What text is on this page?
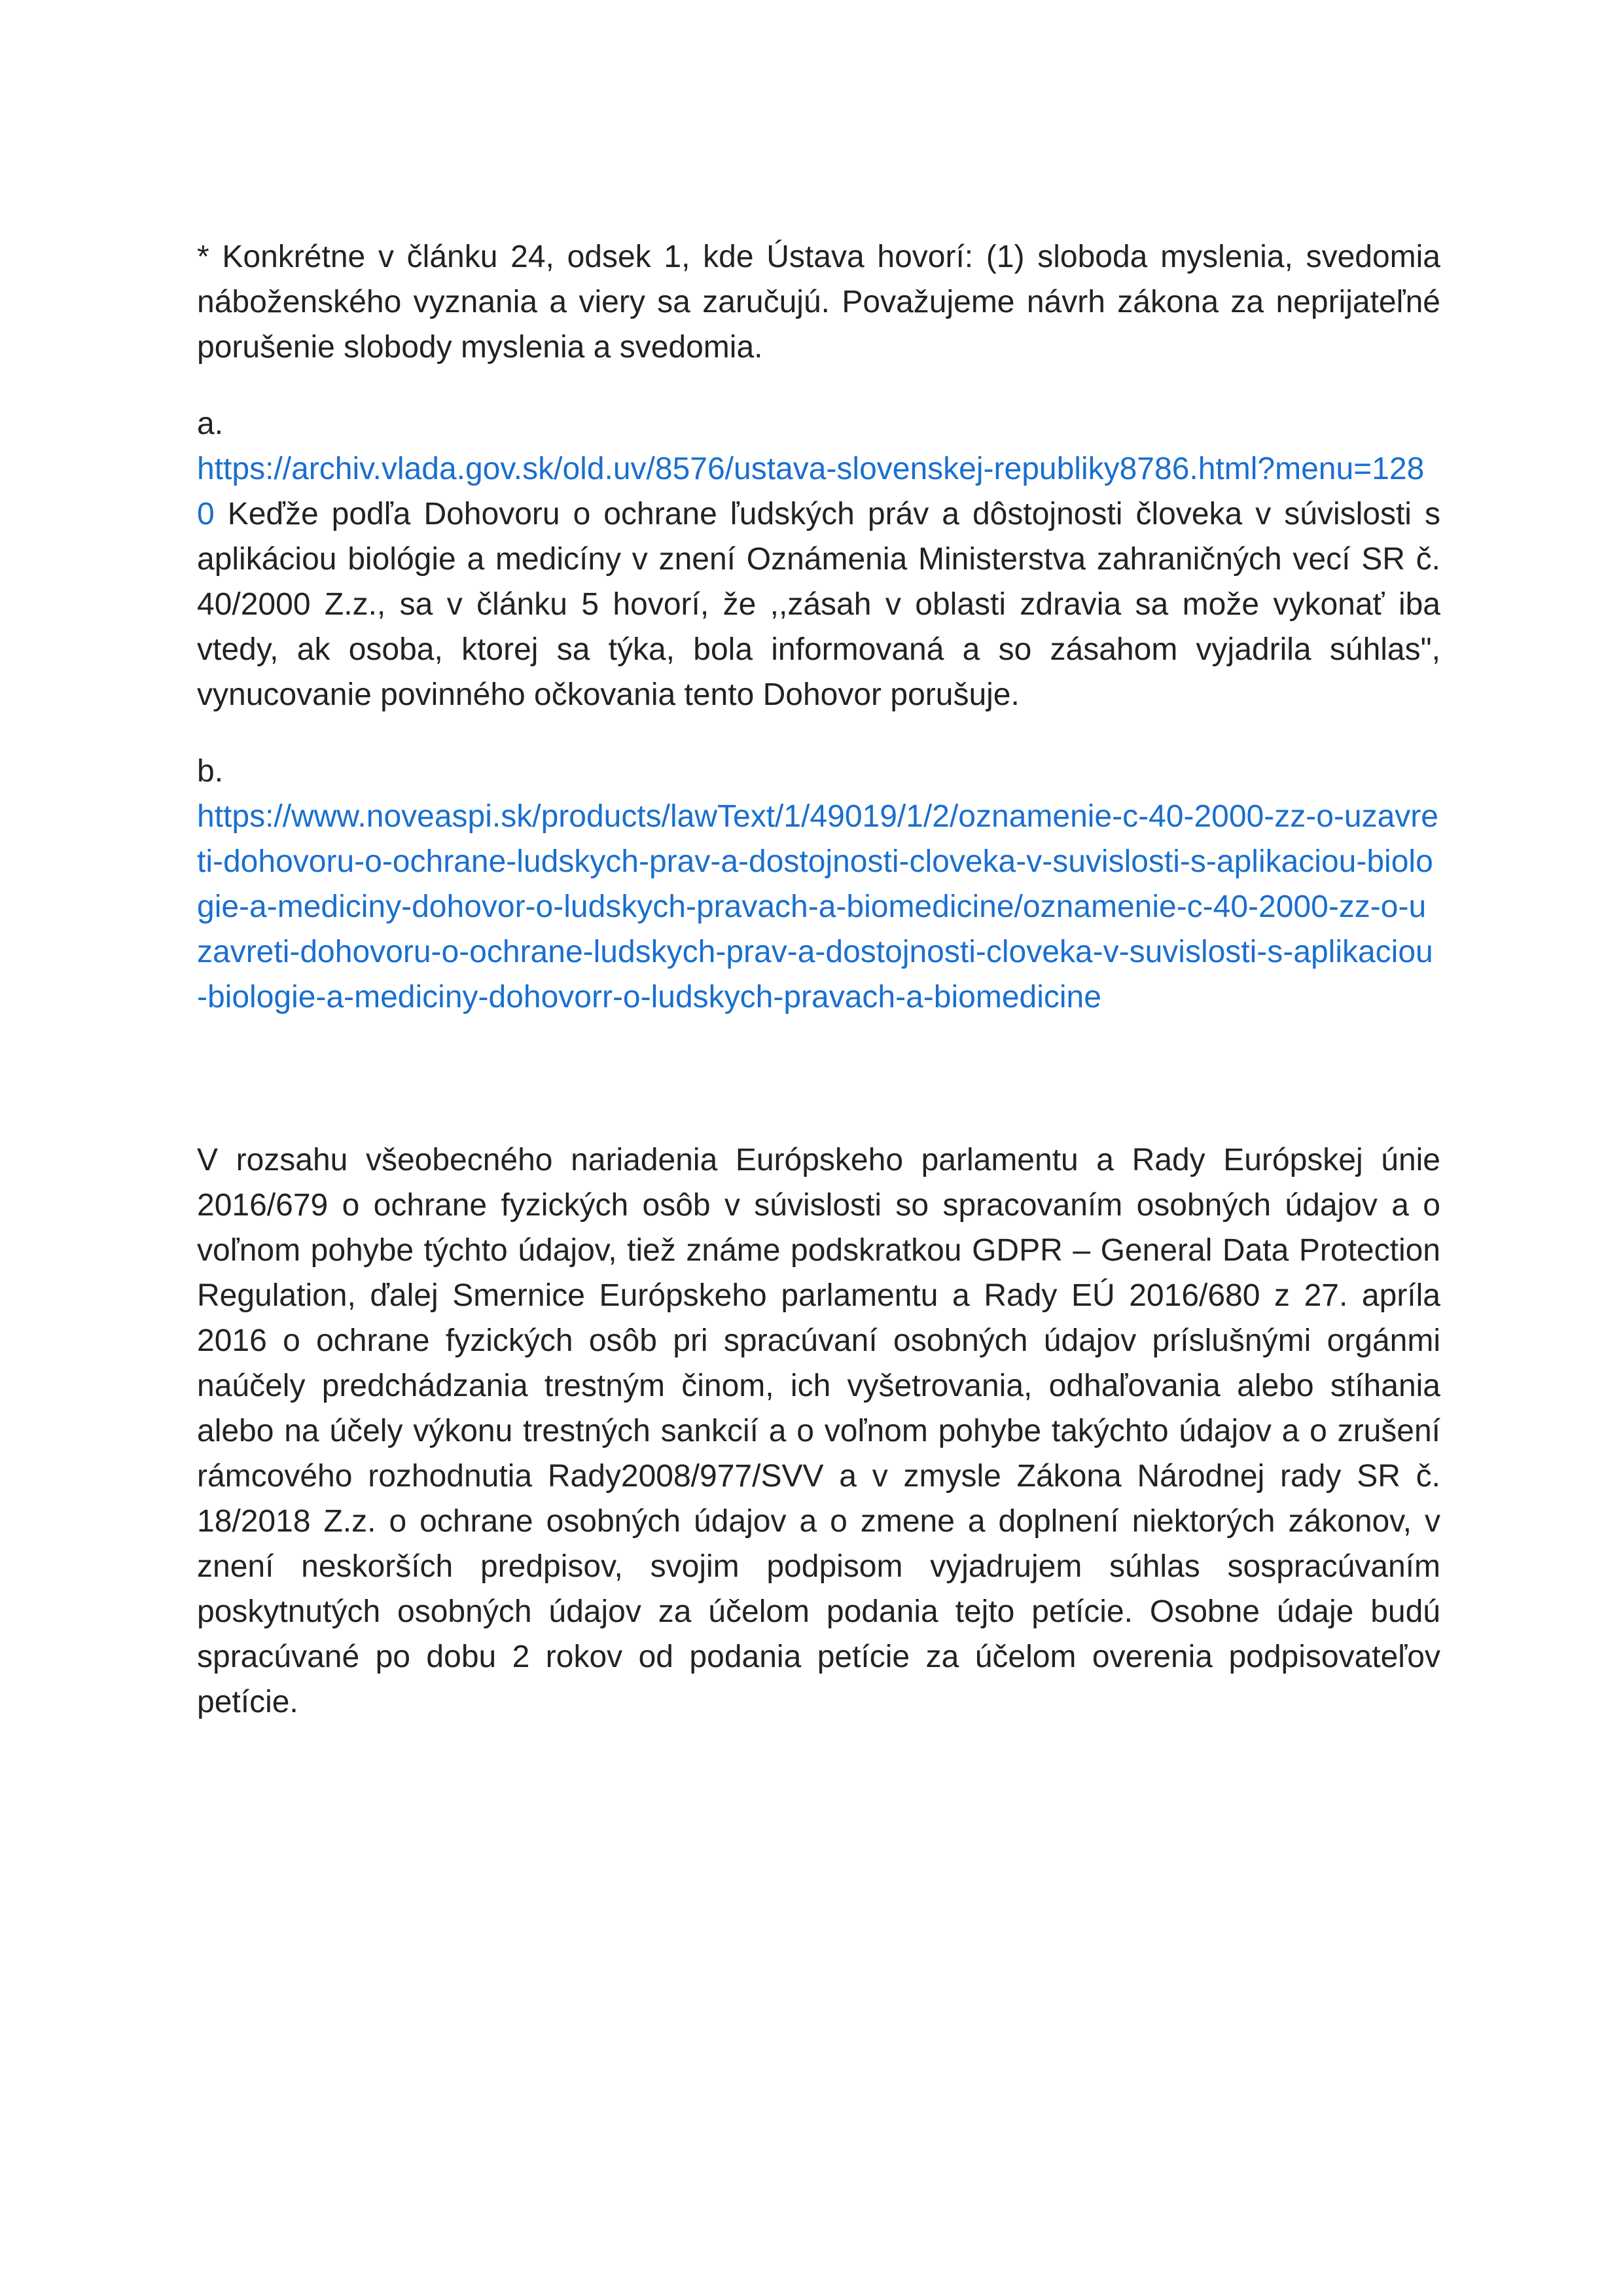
* Konkrétne v článku 24, odsek 1, kde Ústava hovorí: (1) sloboda myslenia, svedomia náboženského vyznania a viery sa zaručujú. Považujeme návrh zákona za neprijateľné porušenie slobody myslenia a svedomia.

a.
https://archiv.vlada.gov.sk/old.uv/8576/ustava-slovenskej-republiky8786.html?menu=1280 Keďže podľa Dohovoru o ochrane ľudských práv a dôstojnosti človeka v súvislosti s aplikáciou biológie a medicíny v znení Oznámenia Ministerstva zahraničných vecí SR č. 40/2000 Z.z., sa v článku 5 hovorí, že ,,zásah v oblasti zdravia sa može vykonať iba vtedy, ak osoba, ktorej sa týka, bola informovaná a so zásahom vyjadrila súhlas", vynucovanie povinného očkovania tento Dohovor porušuje.

b.
https://www.noveaspi.sk/products/lawText/1/49019/1/2/oznamenie-c-40-2000-zz-o-uzavreti-dohovoru-o-ochrane-ludskych-prav-a-dostojnosti-cloveka-v-suvislosti-s-aplikaciou-biologie-a-mediciny-dohovor-o-ludskych-pravach-a-biomedicine/oznamenie-c-40-2000-zz-o-uzavreti-dohovoru-o-ochrane-ludskych-prav-a-dostojnosti-cloveka-v-suvislosti-s-aplikaciou-biologie-a-mediciny-dohovorr-o-ludskych-pravach-a-biomedicine

V rozsahu všeobecného nariadenia Európskeho parlamentu a Rady Európskej únie 2016/679 o ochrane fyzických osôb v súvislosti so spracovaním osobných údajov a o voľnom pohybe týchto údajov, tiež známe podskratkou GDPR – General Data Protection Regulation, ďalej Smernice Európskeho parlamentu a Rady EÚ 2016/680 z 27. apríla 2016 o ochrane fyzických osôb pri spracúvaní osobných údajov príslušnými orgánmi naúčely predchádzania trestným činom, ich vyšetrovania, odhaľovania alebo stíhania alebo na účely výkonu trestných sankcií a o voľnom pohybe takýchto údajov a o zrušení rámcového rozhodnutia Rady2008/977/SVV a v zmysle Zákona Národnej rady SR č. 18/2018 Z.z. o ochrane osobných údajov a o zmene a doplnení niektorých zákonov, v znení neskorších predpisov, svojim podpisom vyjadrujem súhlas sospracúvaním poskytnutých osobných údajov za účelom podania tejto petície. Osobne údaje budú spracúvané po dobu 2 rokov od podania petície za účelom overenia podpisovateľov petície.
